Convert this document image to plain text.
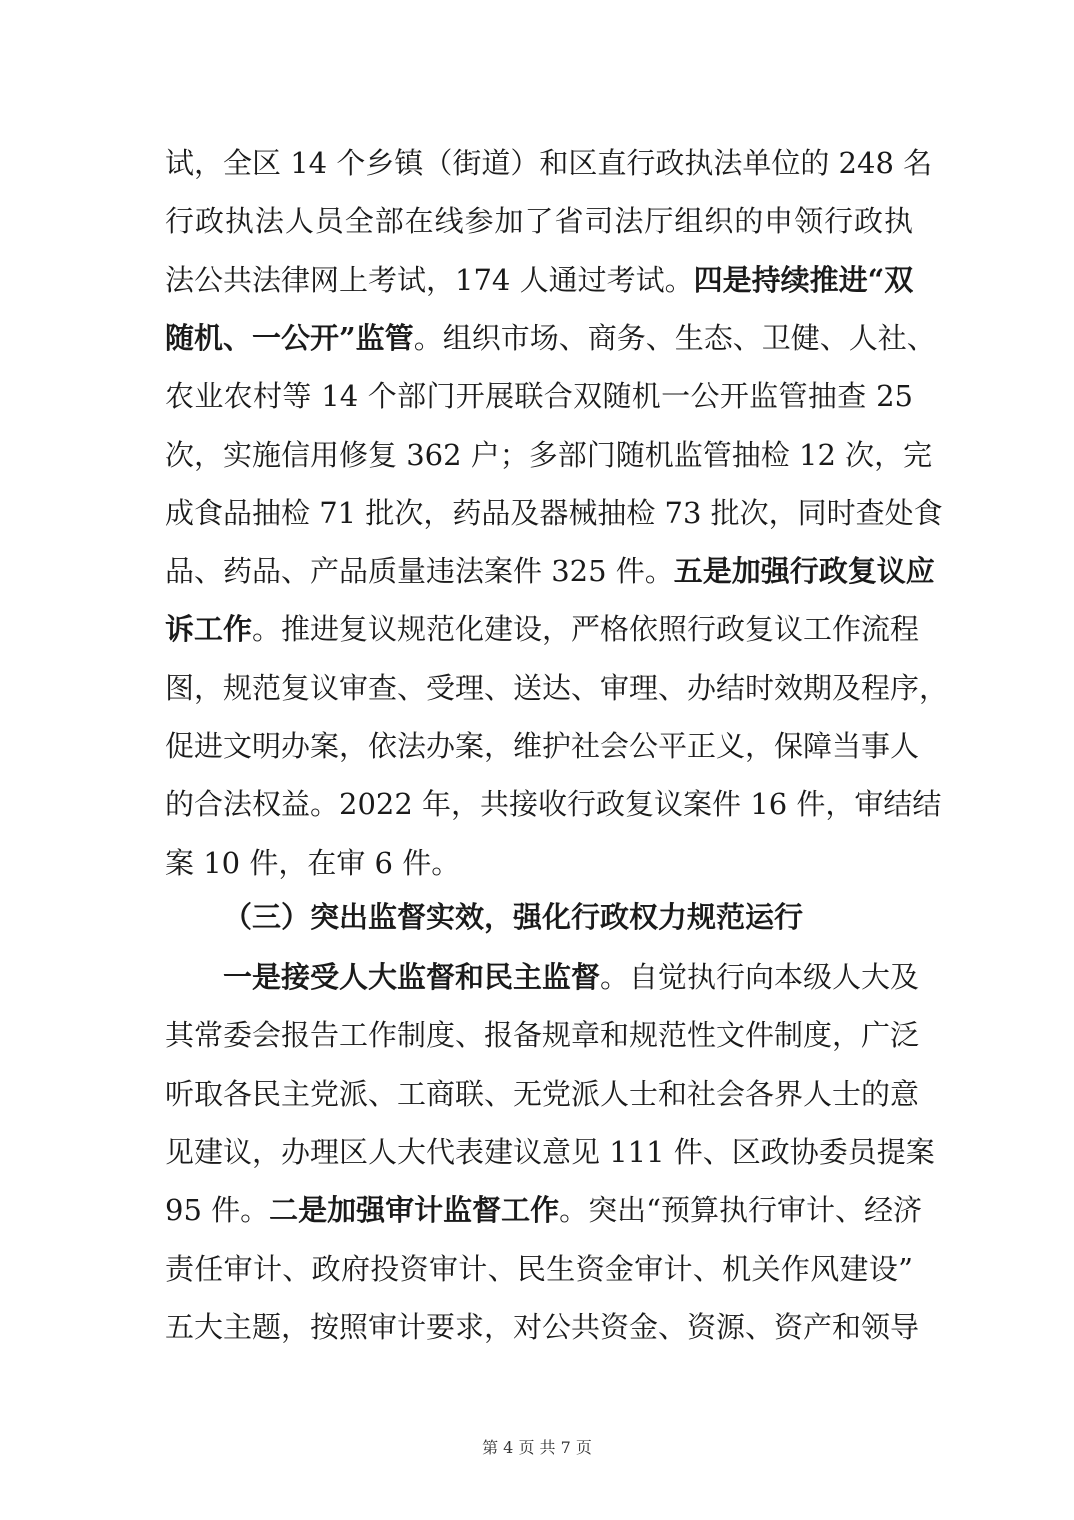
试，全区 14 个乡镇（街道）和区直行政执法单位的 248 名
行政执法人员全部在线参加了省司法厅组织的申领行政执
法公共法律网上考试，174 人通过考试。四是持续推进“双
随机、一公开”监管。组织市场、商务、生态、卫健、人社、
农业农村等 14 个部门开展联合双随机一公开监管抽查 25
次，实施信用修复 362 户；多部门随机监管抽检 12 次，完
成食品抽检 71 批次，药品及器械抽检 73 批次，同时查处食
品、药品、产品质量违法案件 325 件。五是加强行政复议应
诉工作。推进复议规范化建设，严格依照行政复议工作流程
图，规范复议审查、受理、送达、审理、办结时效期及程序，
促进文明办案，依法办案，维护社会公平正义，保障当事人
的合法权益。2022 年，共接收行政复议案件 16 件，审结结
案 10 件，在审 6 件。
（三）突出监督实效，强化行政权力规范运行
一是接受人大监督和民主监督。自觉执行向本级人大及
其常委会报告工作制度、报备规章和规范性文件制度，广泛
听取各民主党派、工商联、无党派人士和社会各界人士的意
见建议，办理区人大代表建议意见 111 件、区政协委员提案
95 件。二是加强审计监督工作。突出“预算执行审计、经济
责任审计、政府投资审计、民生资金审计、机关作风建设”
五大主题，按照审计要求，对公共资金、资源、资产和领导
第 4 页 共 7 页
